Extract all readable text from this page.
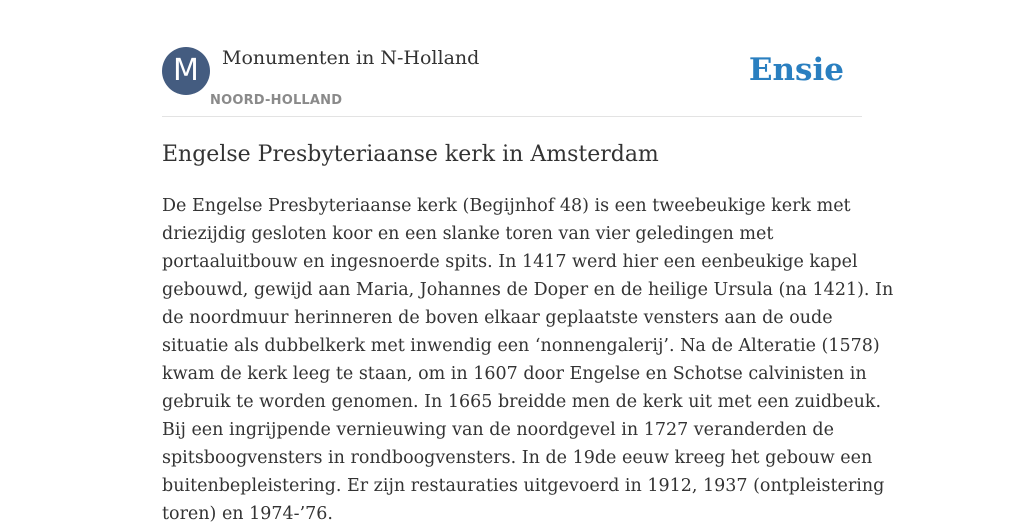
M	Monumenten in N-Holland
NOORD-HOLLAND
Ensie
Engelse Presbyteriaanse kerk in Amsterdam
De Engelse Presbyteriaanse kerk (Begijnhof 48) is een tweebeukige kerk met
driezijdig gesloten koor en een slanke toren van vier geledingen met
portaaluitbouw en ingesnoerde spits. In 1417 werd hier een eenbeukige kapel
gebouwd, gewijd aan Maria, Johannes de Doper en de heilige Ursula (na 1421). In
de noordmuur herinneren de boven elkaar geplaatste vensters aan de oude
situatie als dubbelkerk met inwendig een ‘nonnengalerij’. Na de Alteratie (1578)
kwam de kerk leeg te staan, om in 1607 door Engelse en Schotse calvinisten in
gebruik te worden genomen. In 1665 breidde men de kerk uit met een zuidbeuk.
Bij een ingrijpende vernieuwing van de noordgevel in 1727 veranderden de
spitsboogvensters in rondboogvensters. In de 19de eeuw kreeg het gebouw een
buitenbepleistering. Er zijn restauraties uitgevoerd in 1912, 1937 (ontpleistering
toren) en 1974-’76.
